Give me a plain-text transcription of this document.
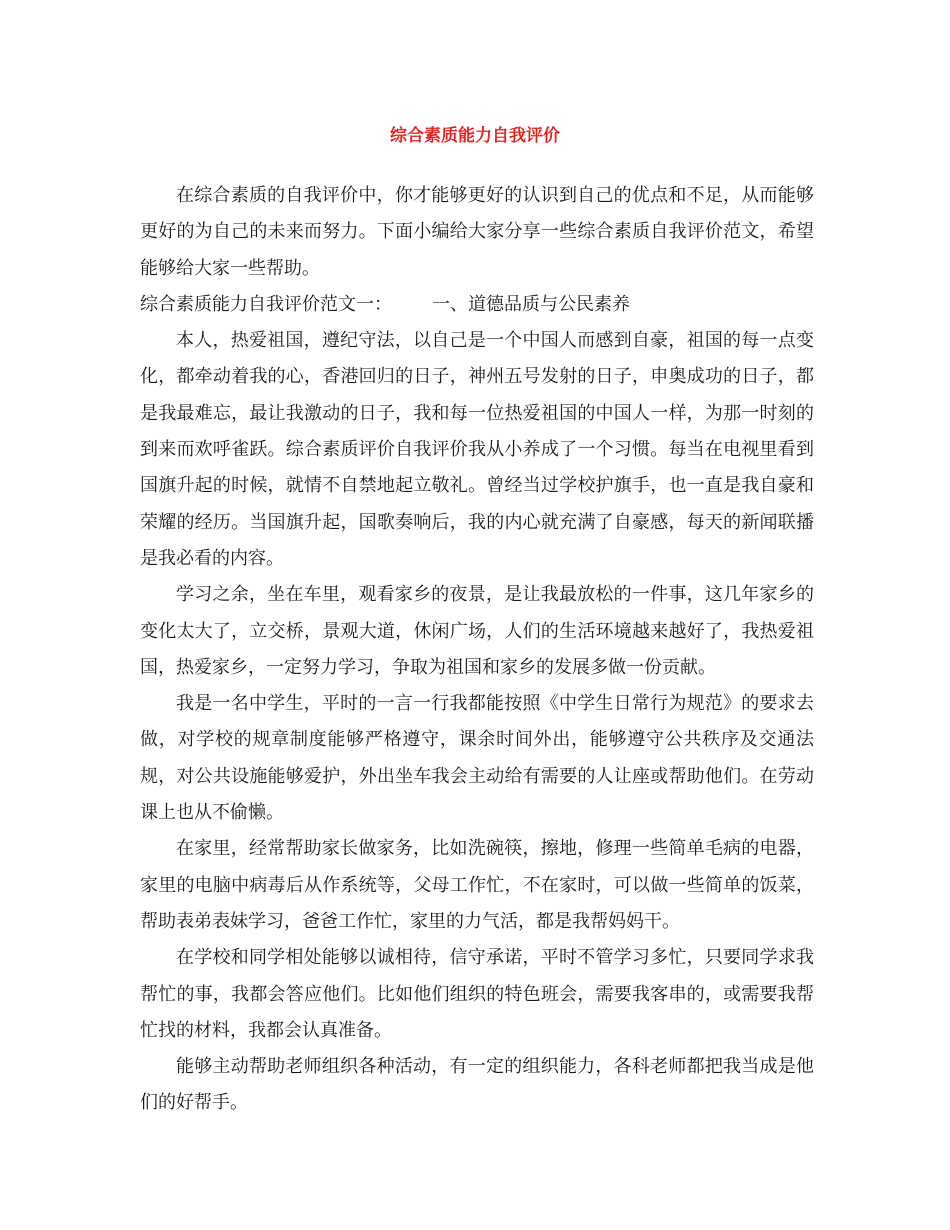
综合素质能力自我评价

在综合素质的自我评价中，你才能够更好的认识到自己的优点和不足，从而能够更好的为自己的未来而努力。下面小编给大家分享一些综合素质自我评价范文，希望能够给大家一些帮助。

综合素质能力自我评价范文一： 一、道德品质与公民素养

本人，热爱祖国，遵纪守法，以自己是一个中国人而感到自豪，祖国的每一点变化，都牵动着我的心，香港回归的日子，神州五号发射的日子，申奥成功的日子，都是我最难忘，最让我激动的日子，我和每一位热爱祖国的中国人一样，为那一时刻的到来而欢呼雀跃。综合素质评价自我评价我从小养成了一个习惯。每当在电视里看到国旗升起的时候，就情不自禁地起立敬礼。曾经当过学校护旗手，也一直是我自豪和荣耀的经历。当国旗升起，国歌奏响后，我的内心就充满了自豪感，每天的新闻联播是我必看的内容。

学习之余，坐在车里，观看家乡的夜景，是让我最放松的一件事，这几年家乡的变化太大了，立交桥，景观大道，休闲广场，人们的生活环境越来越好了，我热爱祖国，热爱家乡，一定努力学习，争取为祖国和家乡的发展多做一份贡献。

我是一名中学生，平时的一言一行我都能按照《中学生日常行为规范》的要求去做，对学校的规章制度能够严格遵守，课余时间外出，能够遵守公共秩序及交通法规，对公共设施能够爱护，外出坐车我会主动给有需要的人让座或帮助他们。在劳动课上也从不偷懒。

在家里，经常帮助家长做家务，比如洗碗筷，擦地，修理一些简单毛病的电器，家里的电脑中病毒后从作系统等，父母工作忙，不在家时，可以做一些简单的饭菜，帮助表弟表妹学习，爸爸工作忙，家里的力气活，都是我帮妈妈干。

在学校和同学相处能够以诚相待，信守承诺，平时不管学习多忙，只要同学求我帮忙的事，我都会答应他们。比如他们组织的特色班会，需要我客串的，或需要我帮忙找的材料，我都会认真准备。

能够主动帮助老师组织各种活动，有一定的组织能力，各科老师都把我当成是他们的好帮手。
